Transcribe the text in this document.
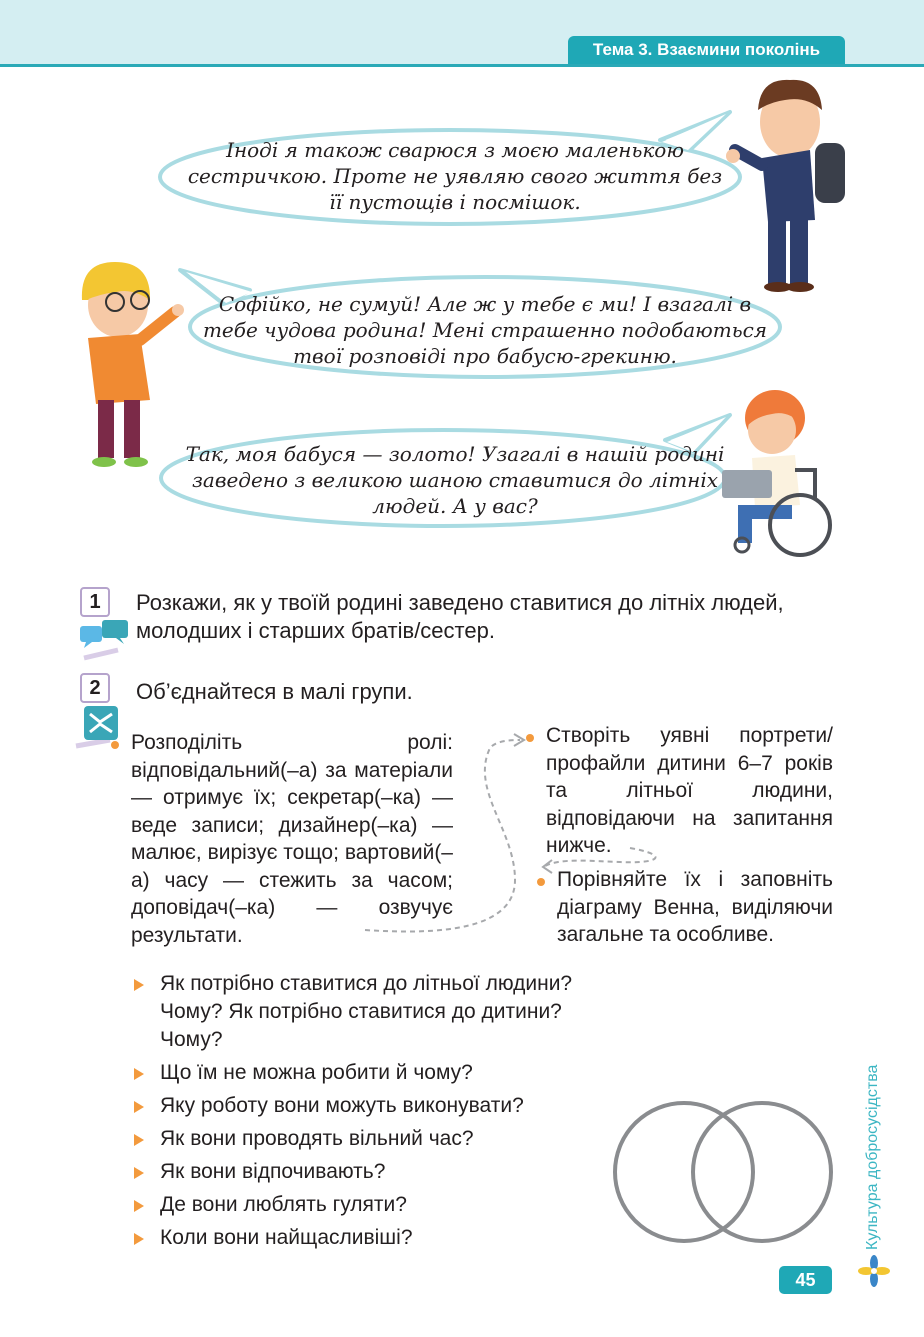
Тема 3. Взаємини поколінь
Іноді я також сварюся з моєю маленькою сестричкою. Проте не уявляю свого життя без її пустощів і посмішок.
Софійко, не сумуй! Але ж у тебе є ми! І взагалі в тебе чудова родина! Мені страшенно подобаються твої розповіді про бабусю-грекиню.
Так, моя бабуся — золото! Узагалі в нашій родині заведено з великою шаною ставитися до літніх людей. А у вас?
1	Розкажи, як у твоїй родині заведено ставитися до літніх людей, молодших і старших братів/сестер.
2	Об’єднайтеся в малі групи.
Розподіліть ролі: відповідальний(–а) за матеріали — отримує їх; секретар(–ка) — веде записи; дизайнер(–ка) — малює, вирізує тощо; вартовий(–а) часу — стежить за часом; доповідач(–ка) — озвучує результати.
Створіть уявні портрети/профайли дитини 6–7 років та літньої людини, відповідаючи на запитання нижче.
Порівняйте їх і заповніть діаграму Венна, виділяючи загальне та особливе.
Як потрібно ставитися до літньої людини? Чому? Як потрібно ставитися до дитини? Чому?
Що їм не можна робити й чому?
Яку роботу вони можуть виконувати?
Як вони проводять вільний час?
Як вони відпочивають?
Де вони люблять гуляти?
Коли вони найщасливіші?	Культура добросусідства
45
